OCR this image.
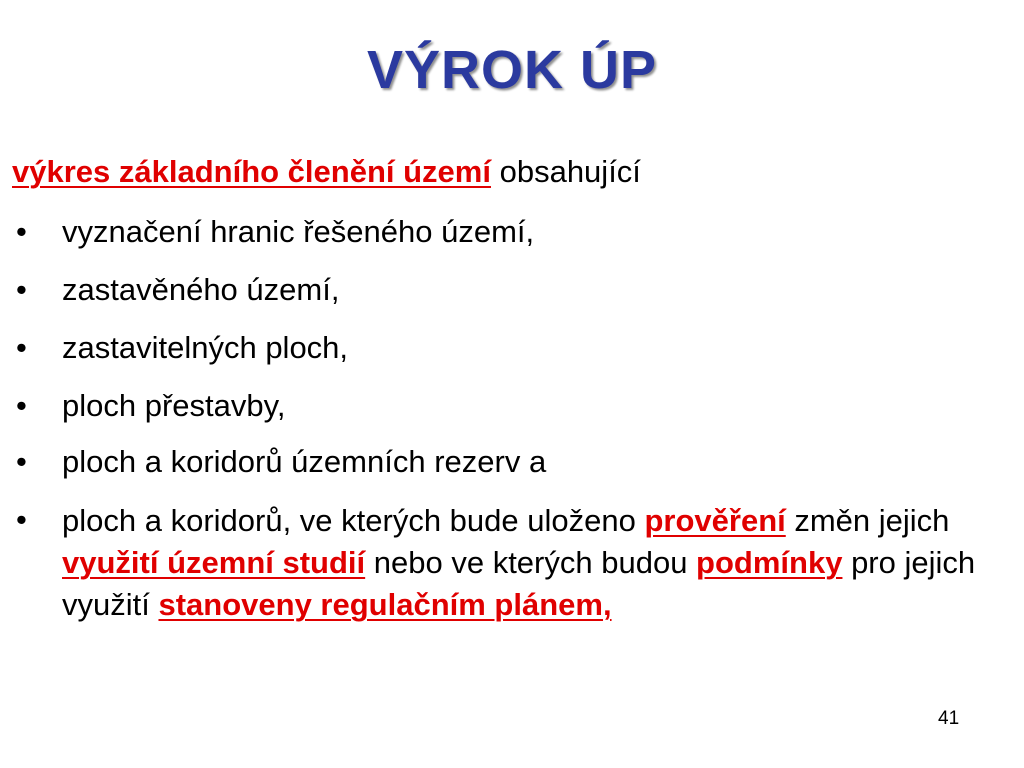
VÝROK ÚP

výkres základního členění území obsahující

• vyznačení hranic řešeného území,
• zastavěného území,
• zastavitelných ploch,
• ploch přestavby,
• ploch a koridorů územních rezerv a
• ploch a koridorů, ve kterých bude uloženo prověření změn jejich využití územní studií nebo ve kterých budou podmínky pro jejich využití stanoveny regulačním plánem,
41
